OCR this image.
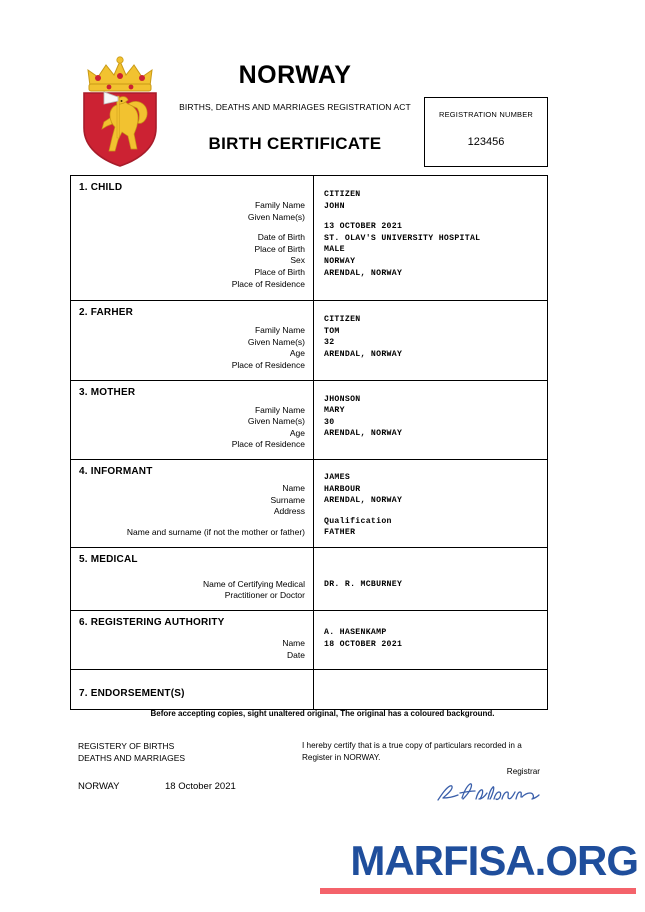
NORWAY
BIRTHS, DEATHS AND MARRIAGES REGISTRATION ACT
BIRTH CERTIFICATE
REGISTRATION NUMBER
123456
1. CHILD
Family Name
Given Name(s)
Date of Birth
Place of Birth
Sex
Place of Birth
Place of Residence
CITIZEN
JOHN
13 OCTOBER 2021
ST. OLAV'S UNIVERSITY HOSPITAL
MALE
NORWAY
ARENDAL, NORWAY
2. FARHER
Family Name
Given Name(s)
Age
Place of Residence
CITIZEN
TOM
32
ARENDAL, NORWAY
3. MOTHER
Family Name
Given Name(s)
Age
Place of Residence
JHONSON
MARY
30
ARENDAL, NORWAY
4. INFORMANT
Name
Surname
Address
Name and surname (if not the mother or father)
JAMES
HARBOUR
ARENDAL, NORWAY
Qualification
FATHER
5. MEDICAL
Name of Certifying Medical
Practitioner or Doctor
DR. R. MCBURNEY
6. REGISTERING AUTHORITY
Name
Date
A. HASENKAMP
18 OCTOBER 2021
7. ENDORSEMENT(S)
Before accepting copies, sight unaltered original, The original has a coloured background.
REGISTERY OF BIRTHS
DEATHS AND MARRIAGES
NORWAY	18 October 2021
I hereby certify that is a true copy of particulars recorded in a Register in NORWAY.
Registrar
MARFISA.ORG
